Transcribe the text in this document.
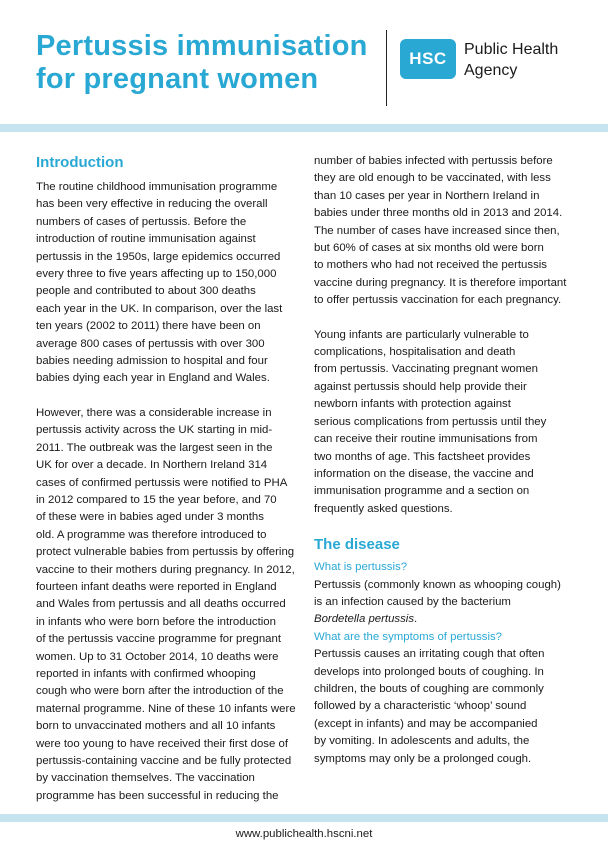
Pertussis immunisation
for pregnant women
HSC Public Health
Agency
Introduction

The routine childhood immunisation programme
has been very effective in reducing the overall
numbers of cases of pertussis. Before the
introduction of routine immunisation against
pertussis in the 1950s, large epidemics occurred
every three to five years affecting up to 150,000
people and contributed to about 300 deaths
each year in the UK. In comparison, over the last
ten years (2002 to 2011) there have been on
average 800 cases of pertussis with over 300
babies needing admission to hospital and four
babies dying each year in England and Wales.

However, there was a considerable increase in
pertussis activity across the UK starting in mid-
2011. The outbreak was the largest seen in the
UK for over a decade. In Northern Ireland 314
cases of confirmed pertussis were notified to PHA
in 2012 compared to 15 the year before, and 70
of these were in babies aged under 3 months
old. A programme was therefore introduced to
protect vulnerable babies from pertussis by offering
vaccine to their mothers during pregnancy. In 2012,
fourteen infant deaths were reported in England
and Wales from pertussis and all deaths occurred
in infants who were born before the introduction
of the pertussis vaccine programme for pregnant
women. Up to 31 October 2014, 10 deaths were
reported in infants with confirmed whooping
cough who were born after the introduction of the
maternal programme. Nine of these 10 infants were
born to unvaccinated mothers and all 10 infants
were too young to have received their first dose of
pertussis-containing vaccine and be fully protected
by vaccination themselves. The vaccination
programme has been successful in reducing the

number of babies infected with pertussis before
they are old enough to be vaccinated, with less
than 10 cases per year in Northern Ireland in
babies under three months old in 2013 and 2014.
The number of cases have increased since then,
but 60% of cases at six months old were born
to mothers who had not received the pertussis
vaccine during pregnancy. It is therefore important
to offer pertussis vaccination for each pregnancy.

Young infants are particularly vulnerable to
complications, hospitalisation and death
from pertussis. Vaccinating pregnant women
against pertussis should help provide their
newborn infants with protection against
serious complications from pertussis until they
can receive their routine immunisations from
two months of age. This factsheet provides
information on the disease, the vaccine and
immunisation programme and a section on
frequently asked questions.

The disease
What is pertussis?

Pertussis (commonly known as whooping cough)
is an infection caused by the bacterium
Bordetella pertussis.

What are the symptoms of pertussis?

Pertussis causes an irritating cough that often
develops into prolonged bouts of coughing. In
children, the bouts of coughing are commonly
followed by a characteristic ‘whoop’ sound
(except in infants) and may be accompanied
by vomiting. In adolescents and adults, the
symptoms may only be a prolonged cough.

www.publichealth.hscni.net
